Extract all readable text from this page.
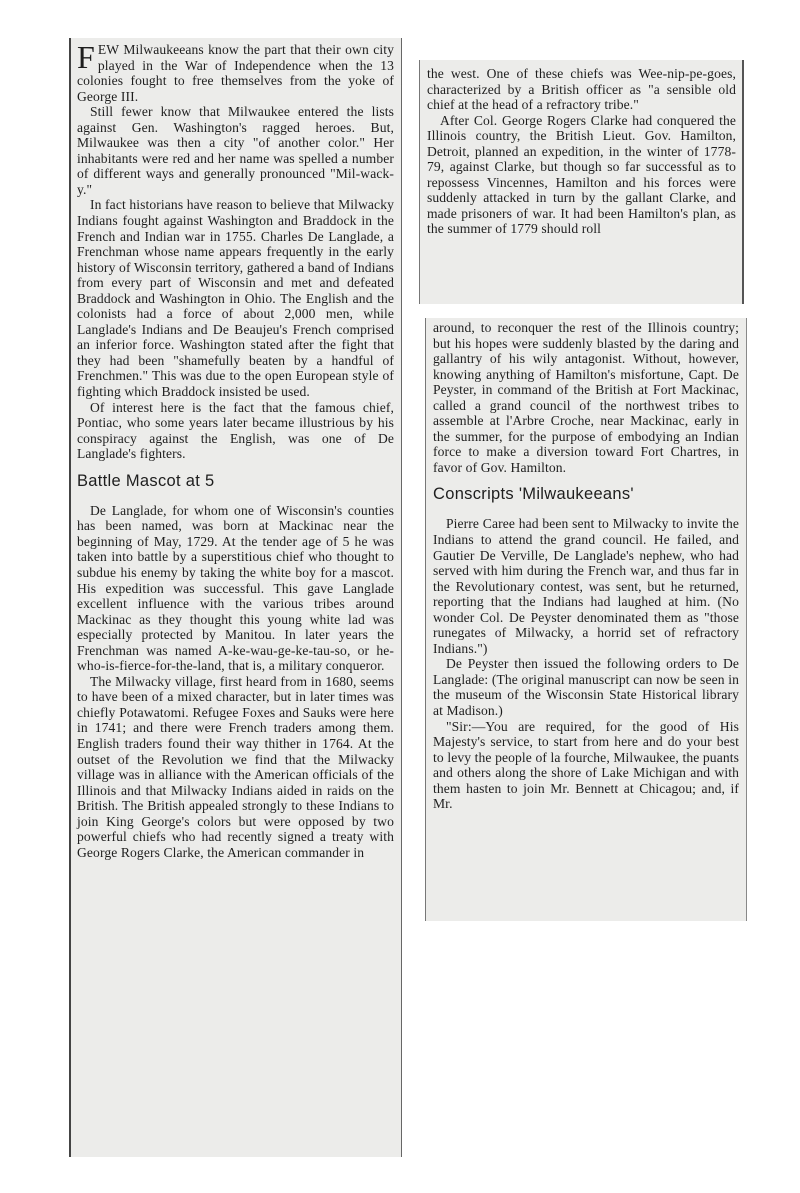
FEW Milwaukeeans know the part that their own city played in the War of Independence when the 13 colonies fought to free themselves from the yoke of George III.

Still fewer know that Milwaukee entered the lists against Gen. Washington's ragged heroes. But, Milwaukee was then a city "of another color." Her inhabitants were red and her name was spelled a number of different ways and generally pronounced "Mil-wack-y."

In fact historians have reason to believe that Milwacky Indians fought against Washington and Braddock in the French and Indian war in 1755. Charles De Langlade, a Frenchman whose name appears frequently in the early history of Wisconsin territory, gathered a band of Indians from every part of Wisconsin and met and defeated Braddock and Washington in Ohio. The English and the colonists had a force of about 2,000 men, while Langlade's Indians and De Beaujeu's French comprised an inferior force. Washington stated after the fight that they had been "shamefully beaten by a handful of Frenchmen." This was due to the open European style of fighting which Braddock insisted be used.

Of interest here is the fact that the famous chief, Pontiac, who some years later became illustrious by his conspiracy against the English, was one of De Langlade's fighters.

Battle Mascot at 5

De Langlade, for whom one of Wisconsin's counties has been named, was born at Mackinac near the beginning of May, 1729. At the tender age of 5 he was taken into battle by a superstitious chief who thought to subdue his enemy by taking the white boy for a mascot. His expedition was successful. This gave Langlade excellent influence with the various tribes around Mackinac as they thought this young white lad was especially protected by Manitou. In later years the Frenchman was named A-ke-wau-ge-ke-tau-so, or he-who-is-fierce-for-the-land, that is, a military conqueror.

The Milwacky village, first heard from in 1680, seems to have been of a mixed character, but in later times was chiefly Potawatomi. Refugee Foxes and Sauks were here in 1741; and there were French traders among them. English traders found their way thither in 1764. At the outset of the Revolution we find that the Milwacky village was in alliance with the American officials of the Illinois and that Milwacky Indians aided in raids on the British. The British appealed strongly to these Indians to join King George's colors but were opposed by two powerful chiefs who had recently signed a treaty with George Rogers Clarke, the American commander in

the west. One of these chiefs was Wee-nip-pe-goes, characterized by a British officer as "a sensible old chief at the head of a refractory tribe."

After Col. George Rogers Clarke had conquered the Illinois country, the British Lieut. Gov. Hamilton, Detroit, planned an expedition, in the winter of 1778-79, against Clarke, but though so far successful as to repossess Vincennes, Hamilton and his forces were suddenly attacked in turn by the gallant Clarke, and made prisoners of war. It had been Hamilton's plan, as the summer of 1779 should roll

around, to reconquer the rest of the Illinois country; but his hopes were suddenly blasted by the daring and gallantry of his wily antagonist. Without, however, knowing anything of Hamilton's misfortune, Capt. De Peyster, in command of the British at Fort Mackinac, called a grand council of the northwest tribes to assemble at l'Arbre Croche, near Mackinac, early in the summer, for the purpose of embodying an Indian force to make a diversion toward Fort Chartres, in favor of Gov. Hamilton.

Conscripts 'Milwaukeeans'

Pierre Caree had been sent to Milwacky to invite the Indians to attend the grand council. He failed, and Gautier De Verville, De Langlade's nephew, who had served with him during the French war, and thus far in the Revolutionary contest, was sent, but he returned, reporting that the Indians had laughed at him. (No wonder Col. De Peyster denominated them as "those runegates of Milwacky, a horrid set of refractory Indians.")

De Peyster then issued the following orders to De Langlade: (The original manuscript can now be seen in the museum of the Wisconsin State Historical library at Madison.)

"Sir:—You are required, for the good of His Majesty's service, to start from here and do your best to levy the people of la fourche, Milwaukee, the puants and others along the shore of Lake Michigan and with them hasten to join Mr. Bennett at Chicagou; and, if Mr.
